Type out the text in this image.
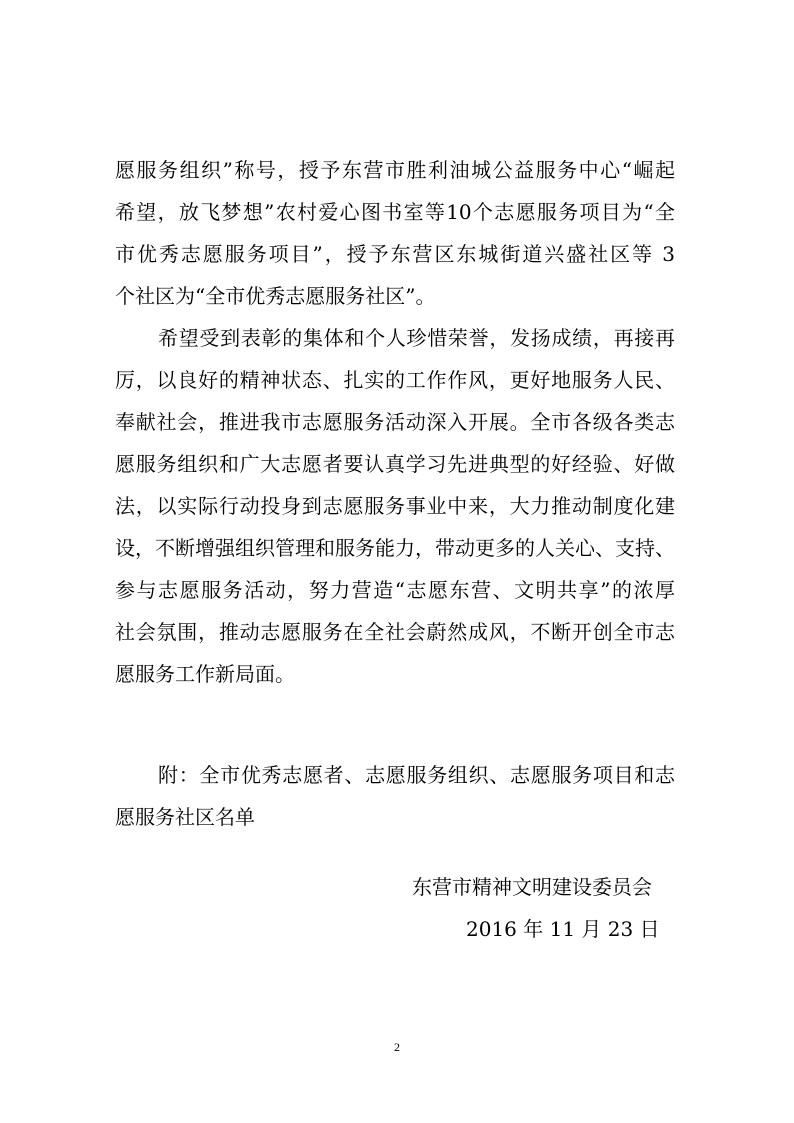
愿服务组织”称号，授予东营市胜利油城公益服务中心“崛起
希望，放飞梦想”农村爱心图书室等10个志愿服务项目为“全
市优秀志愿服务项目”，授予东营区东城街道兴盛社区等 3
个社区为“全市优秀志愿服务社区”。
希望受到表彰的集体和个人珍惜荣誉，发扬成绩，再接再
厉，以良好的精神状态、扎实的工作作风，更好地服务人民、
奉献社会，推进我市志愿服务活动深入开展。全市各级各类志
愿服务组织和广大志愿者要认真学习先进典型的好经验、好做
法，以实际行动投身到志愿服务事业中来，大力推动制度化建
设，不断增强组织管理和服务能力，带动更多的人关心、支持、
参与志愿服务活动，努力营造“志愿东营、文明共享”的浓厚
社会氛围，推动志愿服务在全社会蔚然成风，不断开创全市志
愿服务工作新局面。
附：全市优秀志愿者、志愿服务组织、志愿服务项目和志
愿服务社区名单
东营市精神文明建设委员会
2016 年 11 月 23 日
2
